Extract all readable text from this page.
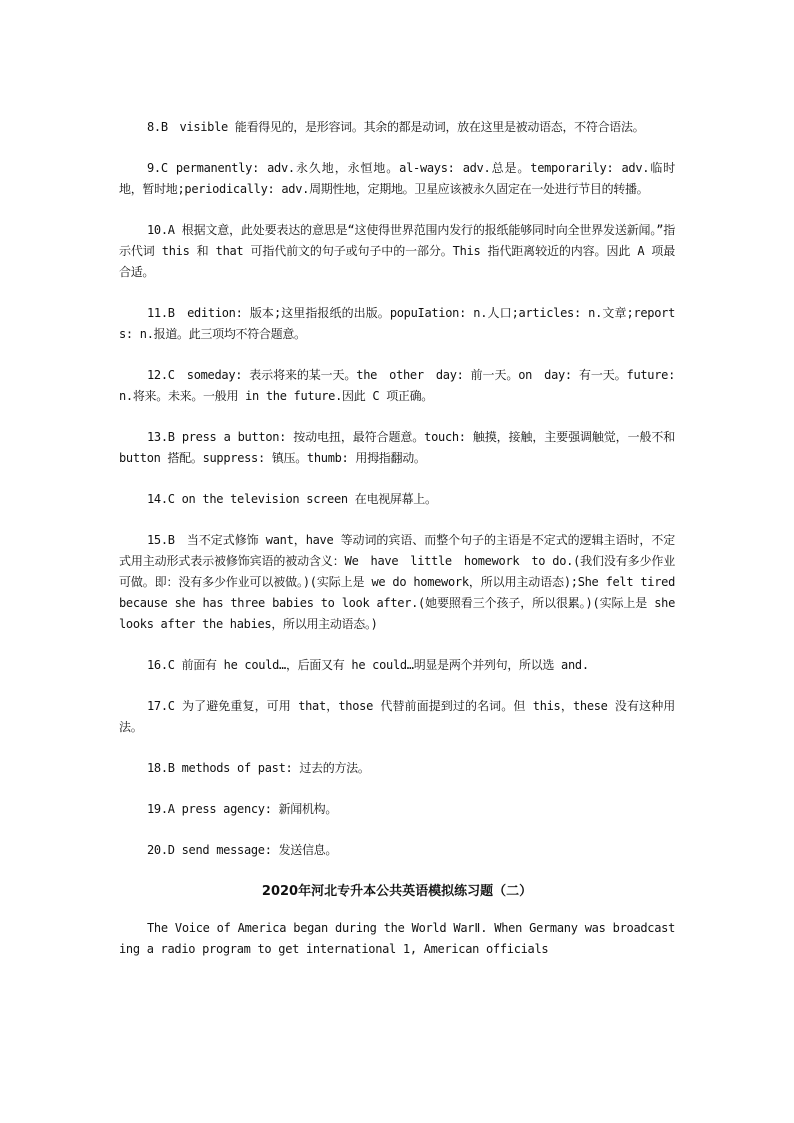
8.B　visible 能看得见的，是形容词。其余的都是动词，放在这里是被动语态，不符合语法。

9.C permanently: adv.永久地，永恒地。al-ways: adv.总是。temporarily: adv.临时地，暂时地;periodically: adv.周期性地，定期地。卫星应该被永久固定在一处进行节目的转播。

10.A 根据文意，此处要表达的意思是“这使得世界范围内发行的报纸能够同时向全世界发送新闻。”指示代词 this 和 that 可指代前文的句子或句子中的一部分。This 指代距离较近的内容。因此 A 项最合适。

11.B　edition: 版本;这里指报纸的出版。popuIation: n.人口;articles: n.文章;reports: n.报道。此三项均不符合题意。

12.C　someday: 表示将来的某一天。the　other　day: 前一天。on　day: 有一天。future: n.将来。未来。一般用 in the future.因此 C 项正确。

13.B press a button: 按动电扭，最符合题意。touch: 触摸，接触，主要强调触觉，一般不和 button 搭配。suppress: 镇压。thumb: 用拇指翻动。

14.C on the television screen 在电视屏幕上。

15.B　当不定式修饰 want，have 等动词的宾语、而整个句子的主语是不定式的逻辑主语时，不定式用主动形式表示被修饰宾语的被动含义：We　have　little　homework　to do.(我们没有多少作业可做。即：没有多少作业可以被做。)(实际上是 we do homework，所以用主动语态);She felt tired because she has three babies to look after.(她要照看三个孩子，所以很累。)(实际上是 she looks after the habies，所以用主动语态。)

16.C 前面有 he could…，后面又有 he could…明显是两个并列句，所以选 and.

17.C 为了避免重复，可用 that，those 代替前面提到过的名词。但 this，these 没有这种用法。

18.B methods of past: 过去的方法。

19.A press agency: 新闻机构。

20.D send message: 发送信息。

2020年河北专升本公共英语模拟练习题（二）

The Voice of America began during the World WarⅡ. When Germany was broadcasting a radio program to get international 1, American officials
